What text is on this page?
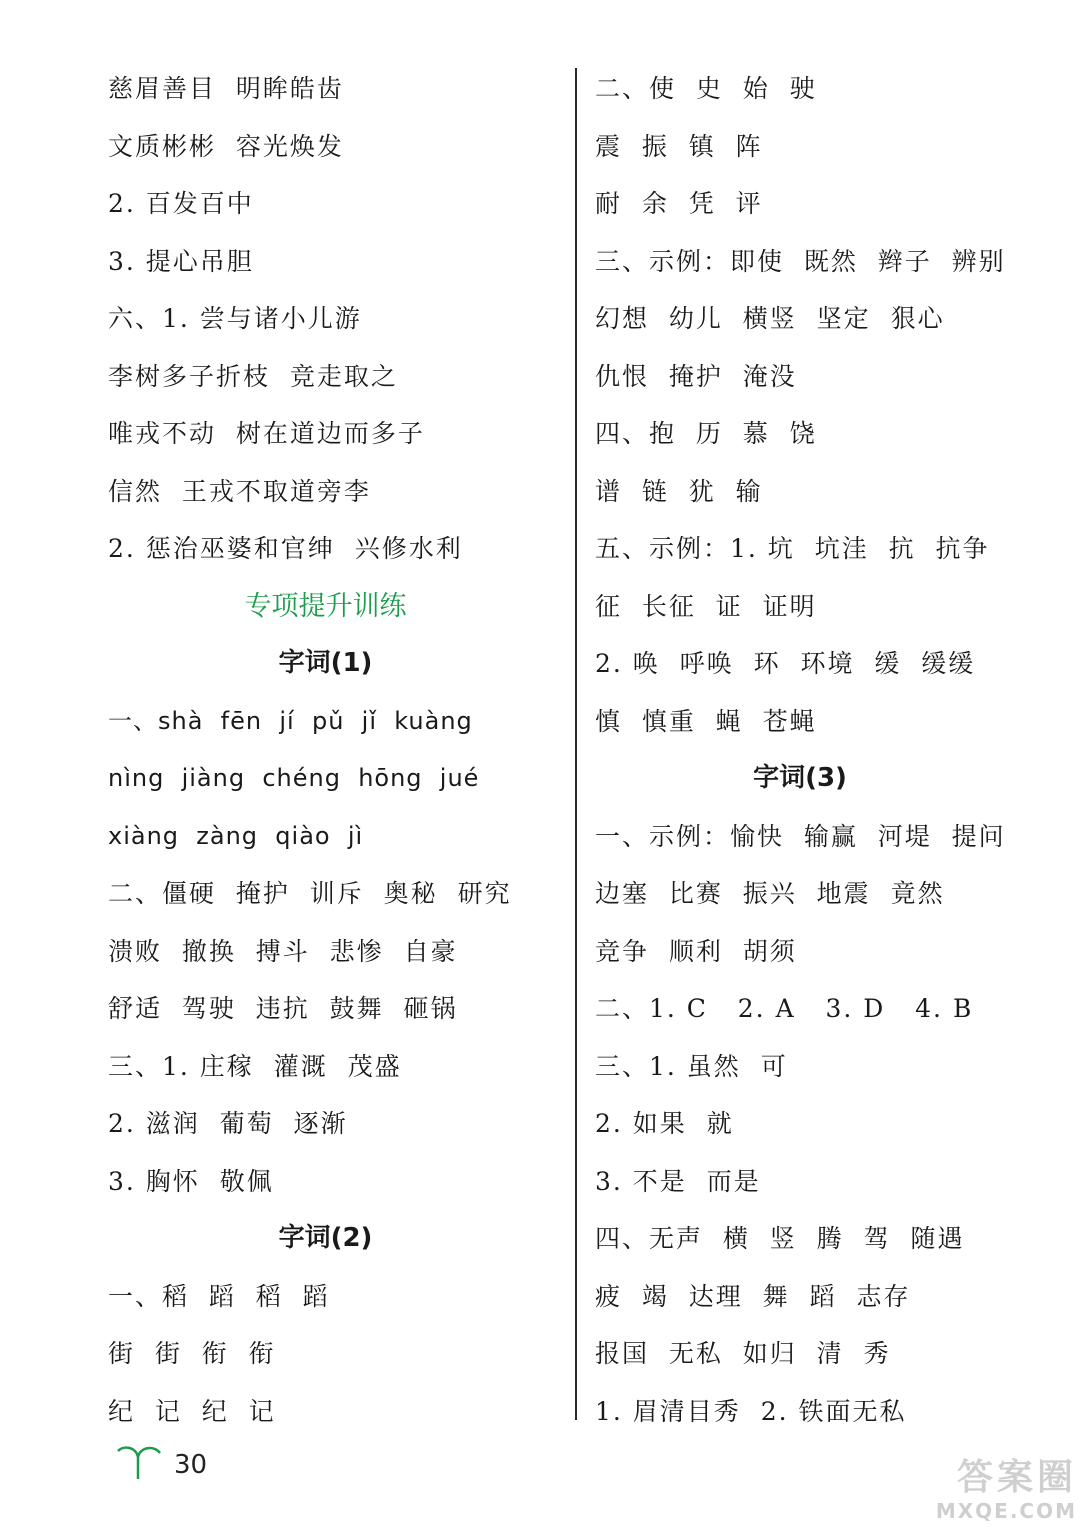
慈眉善目  明眸皓齿
文质彬彬  容光焕发
2. 百发百中
3. 提心吊胆
六、1. 尝与诸小儿游
李树多子折枝  竞走取之
唯戎不动  树在道边而多子
信然  王戎不取道旁李
2. 惩治巫婆和官绅  兴修水利
专项提升训练
字词(1)
一、shà  fēn  jí  pǔ  jǐ  kuàng
nìng  jiàng  chéng  hōng  jué
xiàng  zàng  qiào  jì
二、僵硬  掩护  训斥  奥秘  研究
溃败  撤换  搏斗  悲惨  自豪
舒适  驾驶  违抗  鼓舞  砸锅
三、1. 庄稼  灌溉  茂盛
2. 滋润  葡萄  逐渐
3. 胸怀  敬佩
字词(2)
一、稻  蹈  稻  蹈
街  街  衔  衔
纪  记  纪  记
二、使  史  始  驶
震  振  镇  阵
耐  余  凭  评
三、示例：即使  既然  辫子  辨别
幻想  幼儿  横竖  坚定  狠心
仇恨  掩护  淹没
四、抱  历  慕  饶
谱  链  犹  输
五、示例：1. 坑  坑洼  抗  抗争
征  长征  证  证明
2. 唤  呼唤  环  环境  缓  缓缓
慎  慎重  蝇  苍蝇
字词(3)
一、示例：愉快  输赢  河堤  提问
边塞  比赛  振兴  地震  竟然
竞争  顺利  胡须
二、1. C   2. A   3. D   4. B
三、1. 虽然  可
2. 如果  就
3. 不是  而是
四、无声  横  竖  腾  驾  随遇
疲  竭  达理  舞  蹈  志存
报国  无私  如归  清  秀
1. 眉清目秀  2. 铁面无私
30	答案圈
MXQE.COM
